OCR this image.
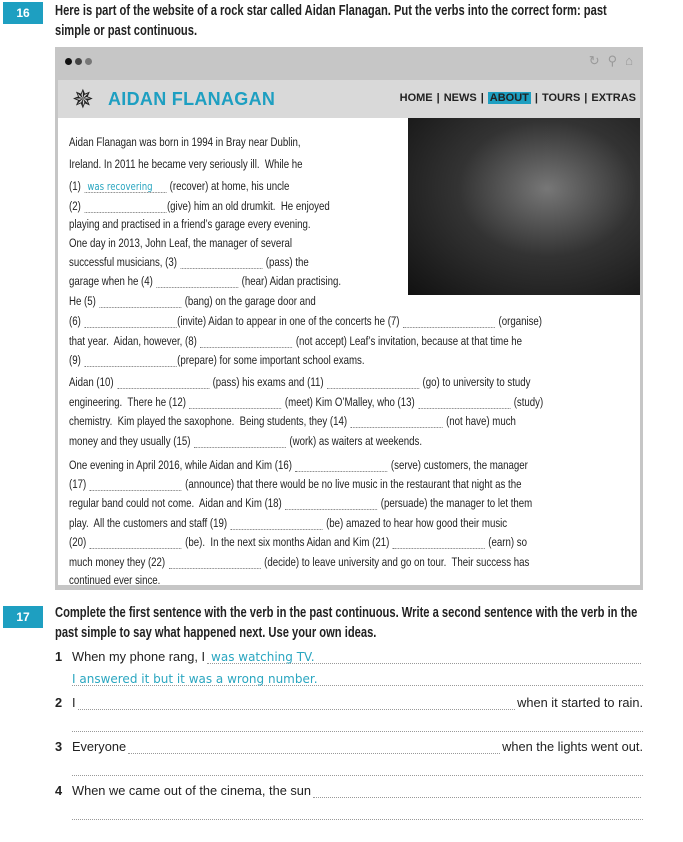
16	Here is part of the website of a rock star called Aidan Flanagan. Put the verbs into the correct form: past simple or past continuous.
↻ ⚲ ⌂
✵ AIDAN FLANAGAN	HOME | NEWS | ABOUT | TOURS | EXTRAS
Aidan Flanagan was born in 1994 in Bray near Dublin,
Ireland. In 2011 he became very seriously ill.  While he
(1) was recovering (recover) at home, his uncle
(2)	(give) him an old drumkit.  He enjoyed
playing and practised in a friend’s garage every evening.
One day in 2013, John Leaf, the manager of several
successful musicians, (3)	(pass) the
garage when he (4)	(hear) Aidan practising.
He (5)	(bang) on the garage door and
(6)	(invite) Aidan to appear in one of the concerts he (7)	(organise)
that year.  Aidan, however, (8)	(not accept) Leaf’s invitation, because at that time he
(9)	(prepare) for some important school exams.
Aidan (10)	(pass) his exams and (11)	(go) to university to study
engineering.  There he (12)	(meet) Kim O’Malley, who (13)	(study)
chemistry.  Kim played the saxophone.  Being students, they (14)	(not have) much
money and they usually (15)	(work) as waiters at weekends.
One evening in April 2016, while Aidan and Kim (16)	(serve) customers, the manager
(17)	(announce) that there would be no live music in the restaurant that night as the
regular band could not come.  Aidan and Kim (18)	(persuade) the manager to let them
play.  All the customers and staff (19)	(be) amazed to hear how good their music
(20)	(be).  In the next six months Aidan and Kim (21)	(earn) so
much money they (22)	(decide) to leave university and go on tour.  Their success has
continued ever since.
17	Complete the first sentence with the verb in the past continuous. Write a second sentence with the verb in the past simple to say what happened next. Use your own ideas.
1 When my phone rang, I was watching TV.
I answered it but it was a wrong number.
2 I	when it started to rain.
3 Everyone	when the lights went out.
4 When we came out of the cinema, the sun
